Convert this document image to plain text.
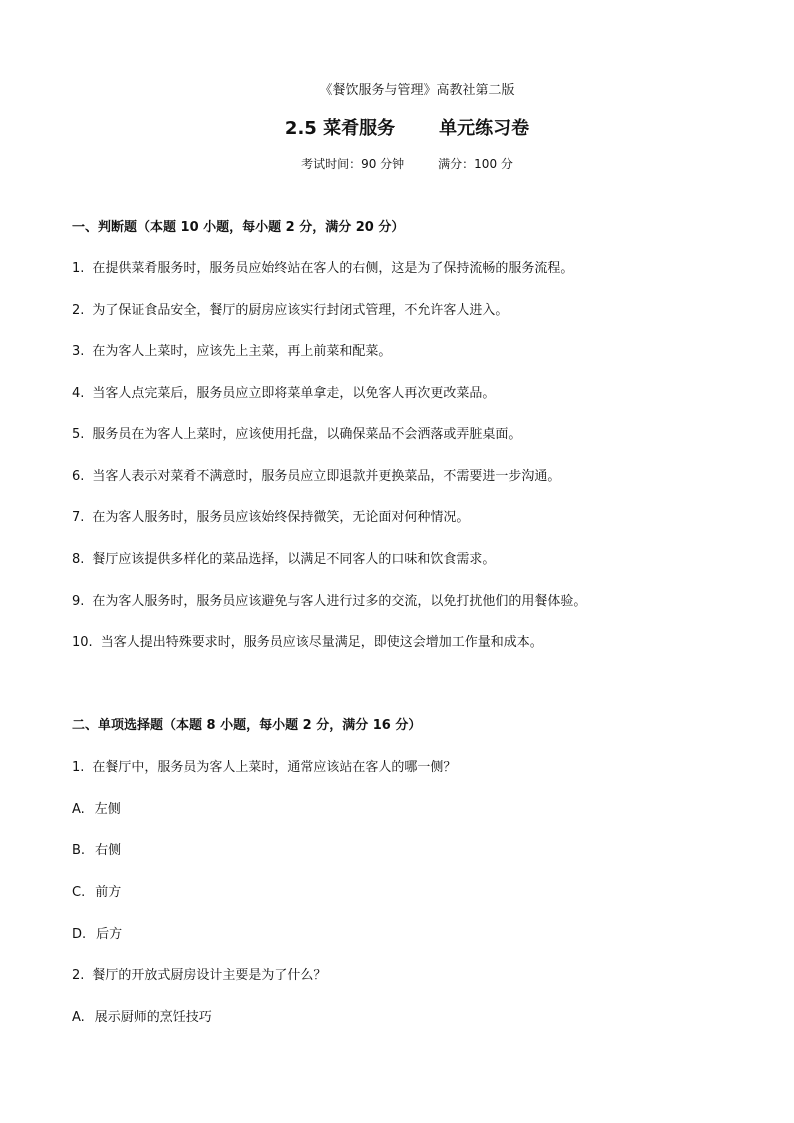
《餐饮服务与管理》高教社第二版
2.5 菜肴服务 单元练习卷
考试时间：90 分钟	满分：100 分
一、判断题（本题 10 小题，每小题 2 分，满分 20 分）
1. 在提供菜肴服务时，服务员应始终站在客人的右侧，这是为了保持流畅的服务流程。
2. 为了保证食品安全，餐厅的厨房应该实行封闭式管理，不允许客人进入。
3. 在为客人上菜时，应该先上主菜，再上前菜和配菜。
4. 当客人点完菜后，服务员应立即将菜单拿走，以免客人再次更改菜品。
5. 服务员在为客人上菜时，应该使用托盘，以确保菜品不会洒落或弄脏桌面。
6. 当客人表示对菜肴不满意时，服务员应立即退款并更换菜品，不需要进一步沟通。
7. 在为客人服务时，服务员应该始终保持微笑，无论面对何种情况。
8. 餐厅应该提供多样化的菜品选择，以满足不同客人的口味和饮食需求。
9. 在为客人服务时，服务员应该避免与客人进行过多的交流，以免打扰他们的用餐体验。
10. 当客人提出特殊要求时，服务员应该尽量满足，即使这会增加工作量和成本。
二、单项选择题（本题 8 小题，每小题 2 分，满分 16 分）
1. 在餐厅中，服务员为客人上菜时，通常应该站在客人的哪一侧？
A. 左侧
B. 右侧
C. 前方
D. 后方
2. 餐厅的开放式厨房设计主要是为了什么？
A. 展示厨师的烹饪技巧
